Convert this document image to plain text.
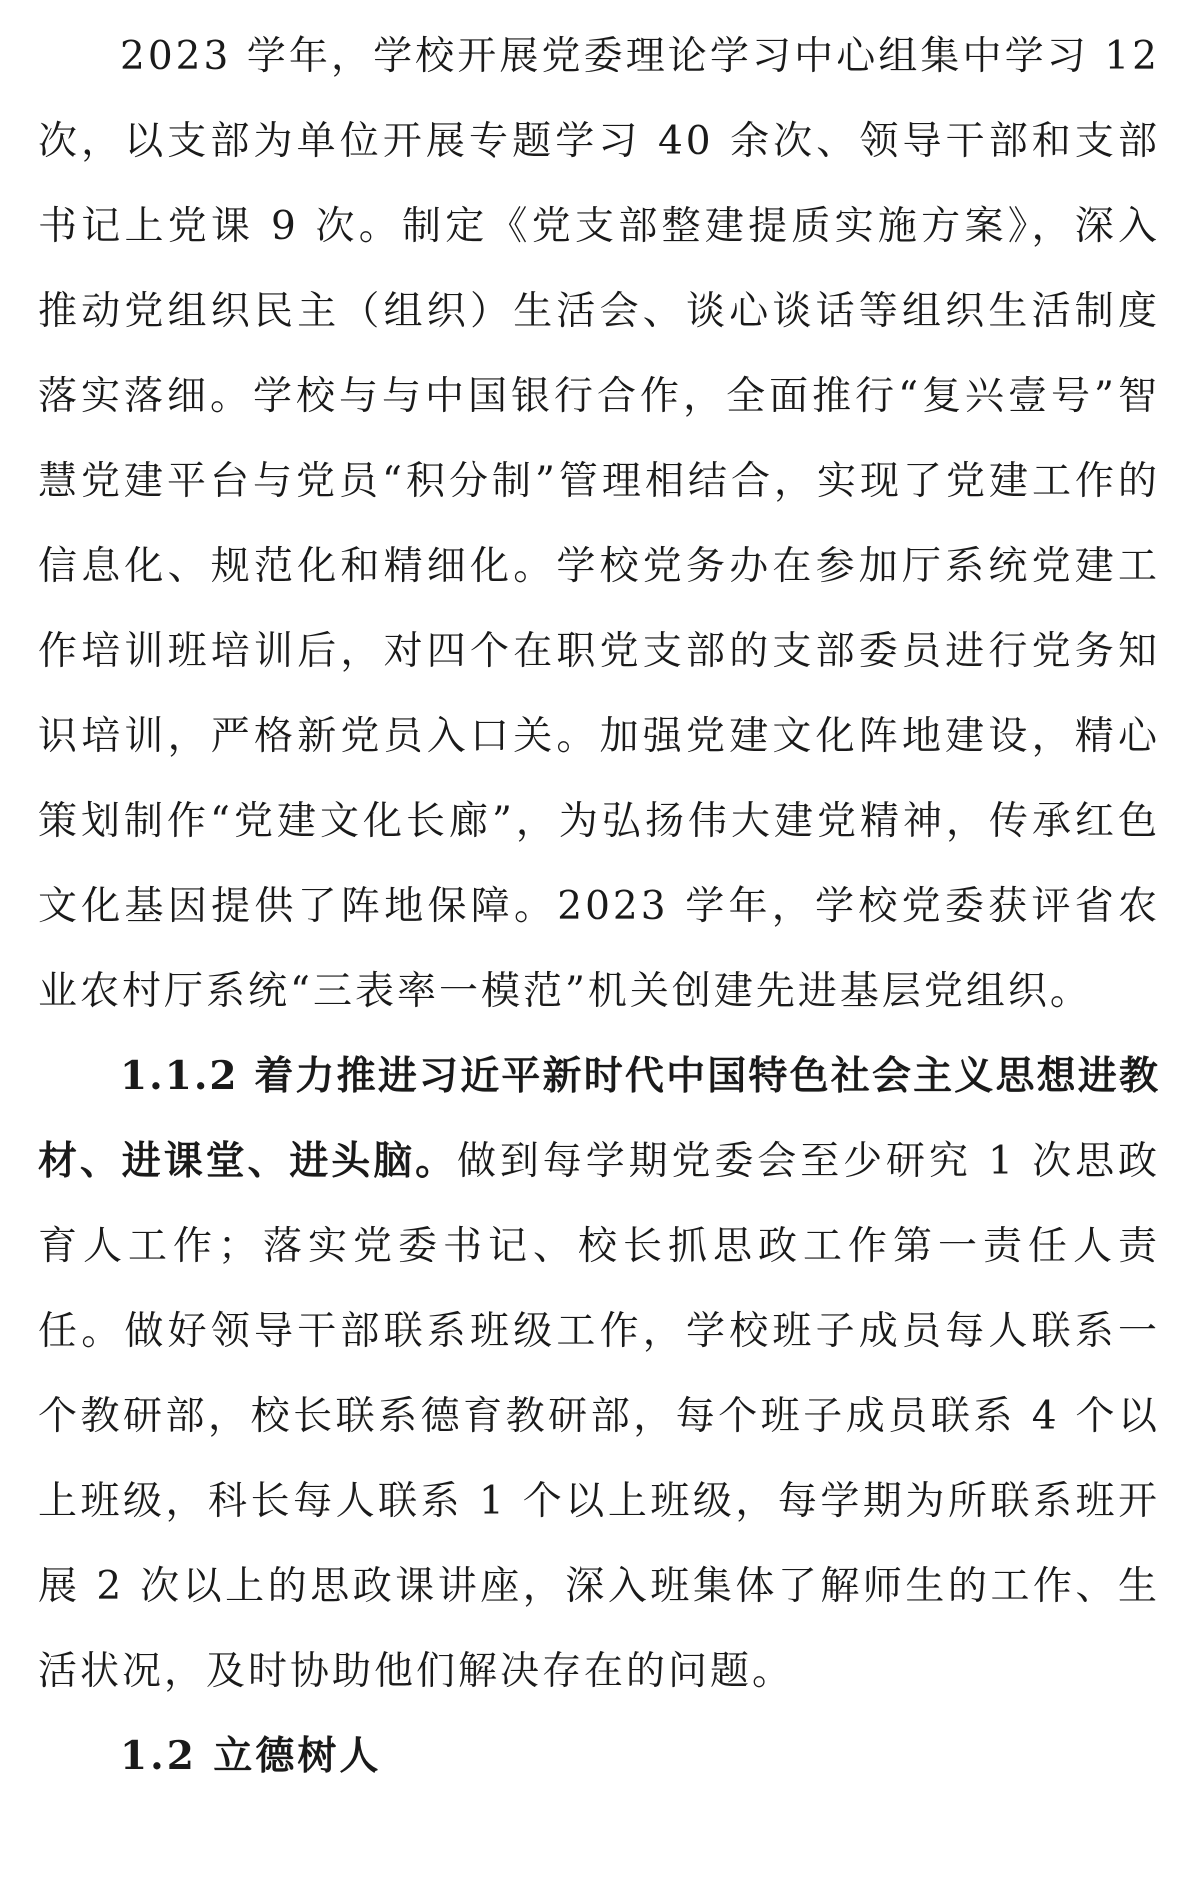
2023 学年，学校开展党委理论学习中心组集中学习 12 次，以支部为单位开展专题学习 40 余次、领导干部和支部书记上党课 9 次。制定《党支部整建提质实施方案》，深入推动党组织民主（组织）生活会、谈心谈话等组织生活制度落实落细。学校与与中国银行合作，全面推行“复兴壹号”智慧党建平台与党员“积分制”管理相结合，实现了党建工作的信息化、规范化和精细化。学校党务办在参加厅系统党建工作培训班培训后，对四个在职党支部的支部委员进行党务知识培训，严格新党员入口关。加强党建文化阵地建设，精心策划制作“党建文化长廊”，为弘扬伟大建党精神，传承红色文化基因提供了阵地保障。2023 学年，学校党委获评省农业农村厅系统“三表率一模范”机关创建先进基层党组织。

1.1.2 着力推进习近平新时代中国特色社会主义思想进教材、进课堂、进头脑。做到每学期党委会至少研究 1 次思政育人工作；落实党委书记、校长抓思政工作第一责任人责任。做好领导干部联系班级工作，学校班子成员每人联系一个教研部，校长联系德育教研部，每个班子成员联系 4 个以上班级，科长每人联系 1 个以上班级，每学期为所联系班开展 2 次以上的思政课讲座，深入班集体了解师生的工作、生活状况，及时协助他们解决存在的问题。

1.2 立德树人
